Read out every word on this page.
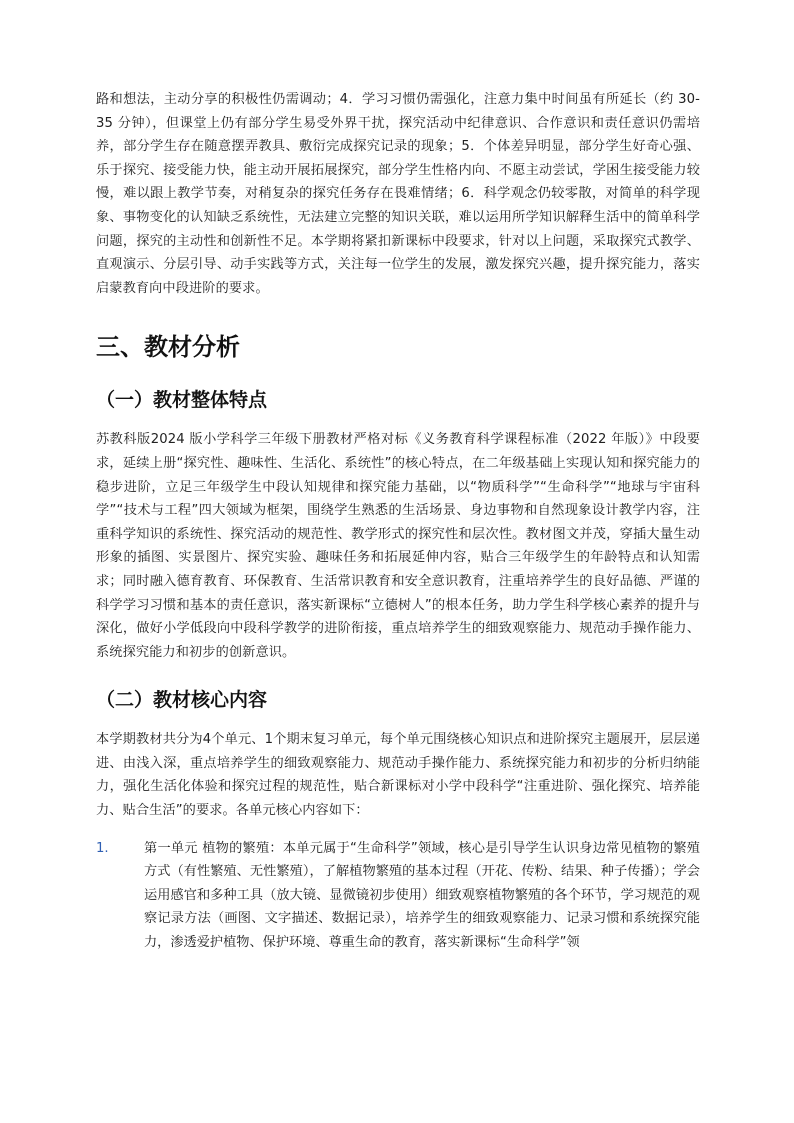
路和想法，主动分享的积极性仍需调动；4．学习习惯仍需强化，注意力集中时间虽有所延长（约 30-35 分钟），但课堂上仍有部分学生易受外界干扰，探究活动中纪律意识、合作意识和责任意识仍需培养，部分学生存在随意摆弄教具、敷衍完成探究记录的现象；5．个体差异明显，部分学生好奇心强、乐于探究、接受能力快，能主动开展拓展探究，部分学生性格内向、不愿主动尝试，学困生接受能力较慢，难以跟上教学节奏，对稍复杂的探究任务存在畏难情绪；6．科学观念仍较零散，对简单的科学现象、事物变化的认知缺乏系统性，无法建立完整的知识关联，难以运用所学知识解释生活中的简单科学问题，探究的主动性和创新性不足。本学期将紧扣新课标中段要求，针对以上问题，采取探究式教学、直观演示、分层引导、动手实践等方式，关注每一位学生的发展，激发探究兴趣，提升探究能力，落实启蒙教育向中段进阶的要求。

三、教材分析
（一）教材整体特点

苏教科版2024 版小学科学三年级下册教材严格对标《义务教育科学课程标准（2022 年版）》中段要求，延续上册“探究性、趣味性、生活化、系统性”的核心特点，在二年级基础上实现认知和探究能力的稳步进阶，立足三年级学生中段认知规律和探究能力基础，以“物质科学”“生命科学”“地球与宇宙科学”“技术与工程”四大领域为框架，围绕学生熟悉的生活场景、身边事物和自然现象设计教学内容，注重科学知识的系统性、探究活动的规范性、教学形式的探究性和层次性。教材图文并茂，穿插大量生动形象的插图、实景图片、探究实验、趣味任务和拓展延伸内容，贴合三年级学生的年龄特点和认知需求；同时融入德育教育、环保教育、生活常识教育和安全意识教育，注重培养学生的良好品德、严谨的科学学习习惯和基本的责任意识，落实新课标“立德树人”的根本任务，助力学生科学核心素养的提升与深化，做好小学低段向中段科学教学的进阶衔接，重点培养学生的细致观察能力、规范动手操作能力、系统探究能力和初步的创新意识。

（二）教材核心内容

本学期教材共分为4个单元、1个期末复习单元，每个单元围绕核心知识点和进阶探究主题展开，层层递进、由浅入深，重点培养学生的细致观察能力、规范动手操作能力、系统探究能力和初步的分析归纳能力，强化生活化体验和探究过程的规范性，贴合新课标对小学中段科学“注重进阶、强化探究、培养能力、贴合生活”的要求。各单元核心内容如下：

1.	第一单元 植物的繁殖：本单元属于“生命科学”领域，核心是引导学生认识身边常见植物的繁殖方式（有性繁殖、无性繁殖），了解植物繁殖的基本过程（开花、传粉、结果、种子传播）；学会运用感官和多种工具（放大镜、显微镜初步使用）细致观察植物繁殖的各个环节，学习规范的观察记录方法（画图、文字描述、数据记录），培养学生的细致观察能力、记录习惯和系统探究能力，渗透爱护植物、保护环境、尊重生命的教育，落实新课标“生命科学”领
